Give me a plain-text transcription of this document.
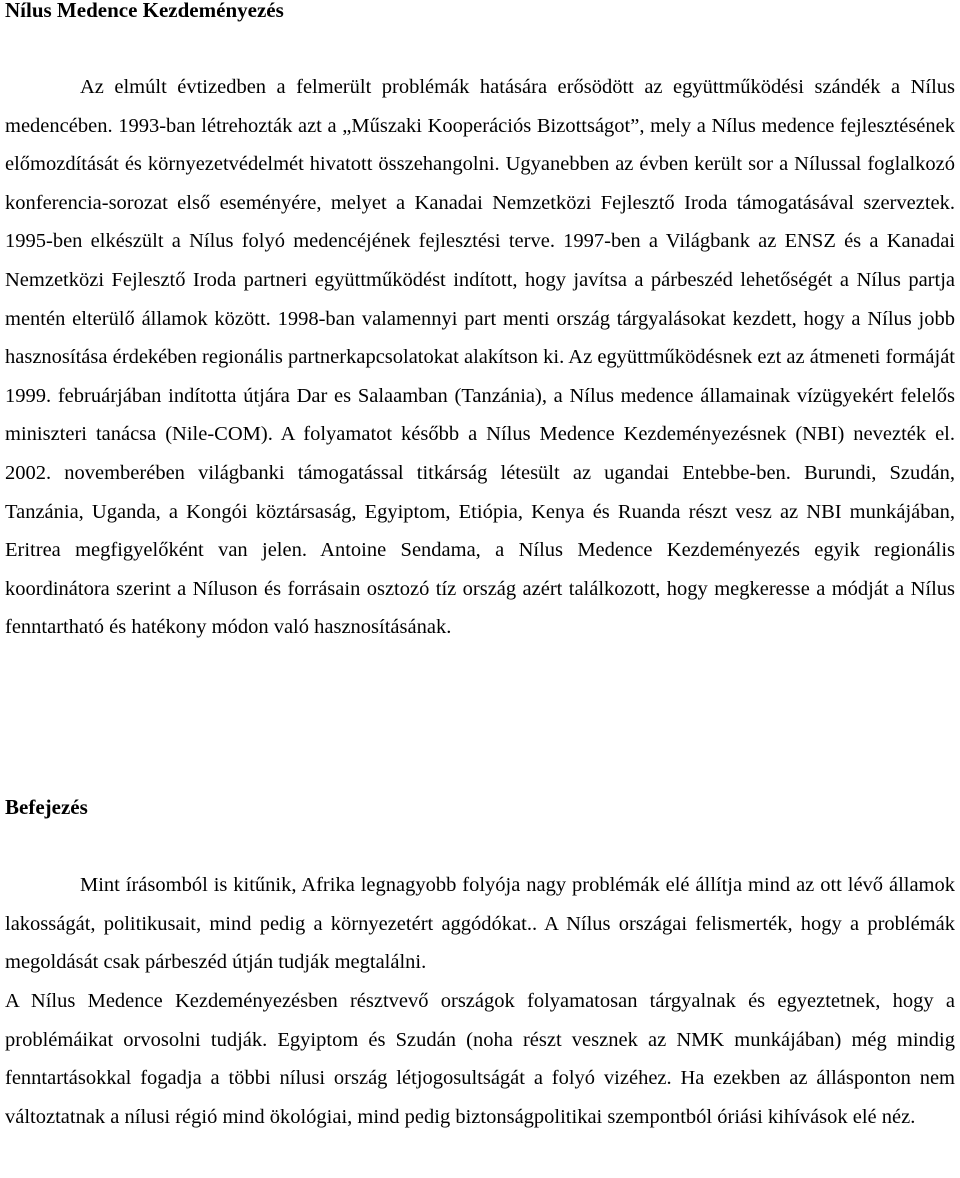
Nílus Medence Kezdeményezés

Az elmúlt évtizedben a felmerült problémák hatására erősödött az együttműködési szándék a Nílus medencében. 1993-ban létrehozták azt a „Műszaki Kooperációs Bizottságot”, mely a Nílus medence fejlesztésének előmozdítását és környezetvédelmét hivatott összehangolni. Ugyanebben az évben került sor a Nílussal foglalkozó konferencia-sorozat első eseményére, melyet a Kanadai Nemzetközi Fejlesztő Iroda támogatásával szerveztek. 1995-ben elkészült a Nílus folyó medencéjének fejlesztési terve. 1997-ben a Világbank az ENSZ és a Kanadai Nemzetközi Fejlesztő Iroda partneri együttműködést indított, hogy javítsa a párbeszéd lehetőségét a Nílus partja mentén elterülő államok között. 1998-ban valamennyi part menti ország tárgyalásokat kezdett, hogy a Nílus jobb hasznosítása érdekében regionális partnerkapcsolatokat alakítson ki. Az együttműködésnek ezt az átmeneti formáját 1999. februárjában indította útjára Dar es Salaamban (Tanzánia), a Nílus medence államainak vízügyekért felelős miniszteri tanácsa (Nile-COM). A folyamatot később a Nílus Medence Kezdeményezésnek (NBI) nevezték el. 2002. novemberében világbanki támogatással titkárság létesült az ugandai Entebbe-ben. Burundi, Szudán, Tanzánia, Uganda, a Kongói köztársaság, Egyiptom, Etiópia, Kenya és Ruanda részt vesz az NBI munkájában, Eritrea megfigyelőként van jelen. Antoine Sendama, a Nílus Medence Kezdeményezés egyik regionális koordinátora szerint a Níluson és forrásain osztozó tíz ország azért találkozott, hogy megkeresse a módját a Nílus fenntartható és hatékony módon való hasznosításának.

Befejezés

Mint írásomból is kitűnik, Afrika legnagyobb folyója nagy problémák elé állítja mind az ott lévő államok lakosságát, politikusait, mind pedig a környezetért aggódókat.. A Nílus országai felismerték, hogy a problémák megoldását csak párbeszéd útján tudják megtalálni.

A Nílus Medence Kezdeményezésben résztvevő országok folyamatosan tárgyalnak és egyeztetnek, hogy a problémáikat orvosolni tudják. Egyiptom és Szudán (noha részt vesznek az NMK munkájában) még mindig fenntartásokkal fogadja a többi nílusi ország létjogosultságát a folyó vizéhez. Ha ezekben az állásponton nem változtatnak a nílusi régió mind ökológiai, mind pedig biztonságpolitikai szempontból óriási kihívások elé néz.
